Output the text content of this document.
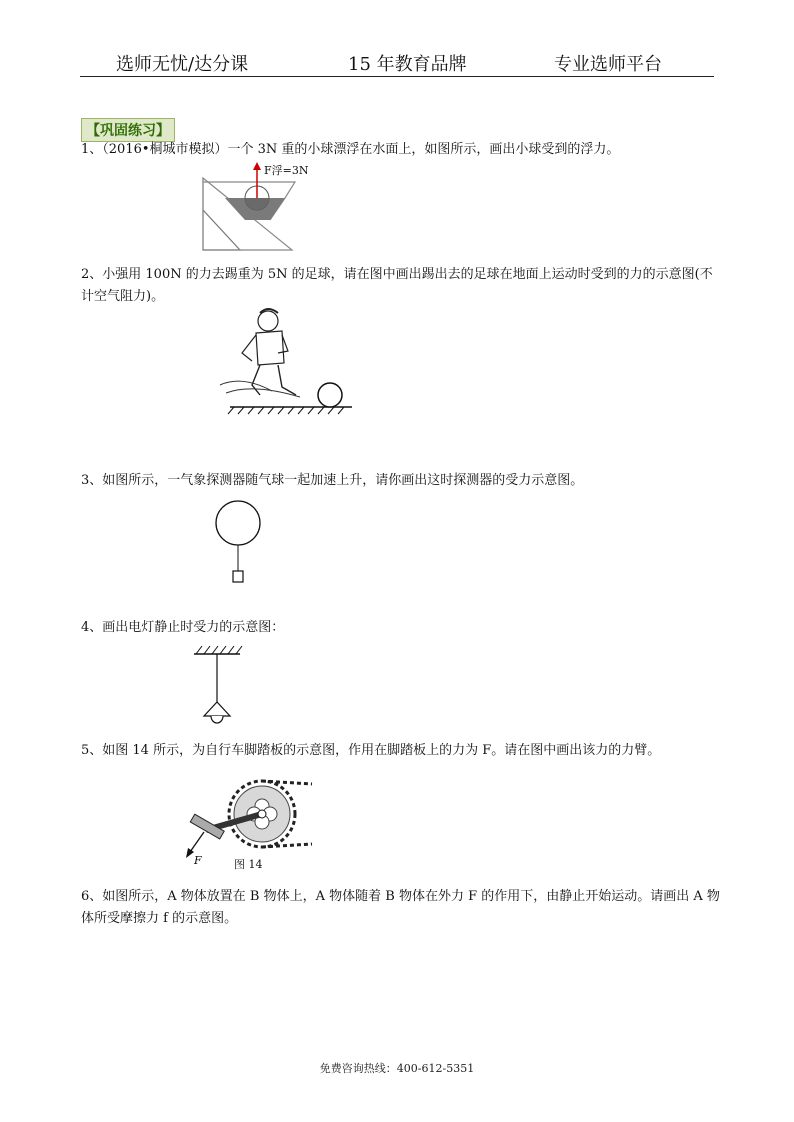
选师无忧/达分课	15 年教育品牌	专业选师平台
【巩固练习】
1、（2016•桐城市模拟）一个 3N 重的小球漂浮在水面上，如图所示，画出小球受到的浮力。
F浮=3N
2、小强用 100N 的力去踢重为 5N 的足球，请在图中画出踢出去的足球在地面上运动时受到的力的示意图(不计空气阻力)。
3、如图所示，一气象探测器随气球一起加速上升，请你画出这时探测器的受力示意图。
4、画出电灯静止时受力的示意图：
5、如图 14 所示，为自行车脚踏板的示意图，作用在脚踏板上的力为 F。请在图中画出该力的力臂。
F	图 14
6、如图所示，A 物体放置在 B 物体上，A 物体随着 B 物体在外力 F 的作用下，由静止开始运动。请画出 A 物体所受摩擦力 f 的示意图。
免费咨询热线：400-612-5351
